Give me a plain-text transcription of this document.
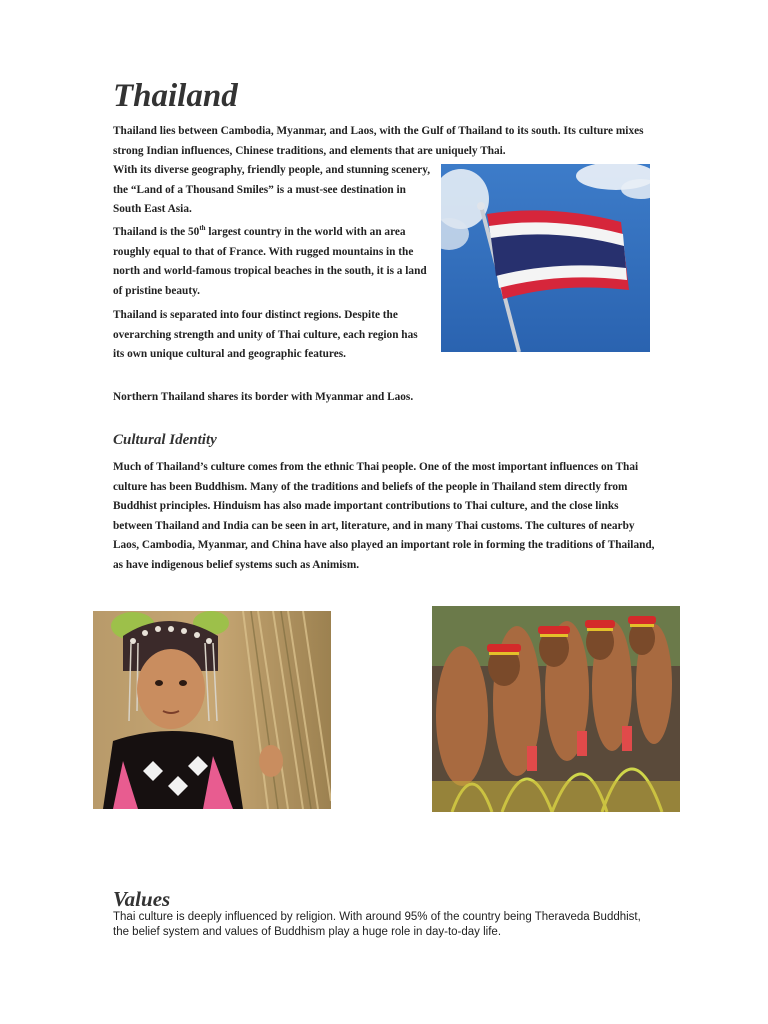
Thailand

Thailand lies between Cambodia, Myanmar, and Laos, with the Gulf of Thailand to its south. Its culture mixes strong Indian influences, Chinese traditions, and elements that are uniquely Thai.

With its diverse geography, friendly people, and stunning scenery, the “Land of a Thousand Smiles” is a must-see destination in South East Asia.

Thailand is the 50th largest country in the world with an area roughly equal to that of France. With rugged mountains in the north and world-famous tropical beaches in the south, it is a land of pristine beauty.

Thailand is separated into four distinct regions. Despite the overarching strength and unity of Thai culture, each region has its own unique cultural and geographic features.

Northern Thailand shares its border with Myanmar and Laos.

Cultural Identity

Much of Thailand’s culture comes from the ethnic Thai people. One of the most important influences on Thai culture has been Buddhism. Many of the traditions and beliefs of the people in Thailand stem directly from Buddhist principles. Hinduism has also made important contributions to Thai culture, and the close links between Thailand and India can be seen in art, literature, and in many Thai customs. The cultures of nearby Laos, Cambodia, Myanmar, and China have also played an important role in forming the traditions of Thailand, as have indigenous belief systems such as Animism.

Values

Thai culture is deeply influenced by religion. With around 95% of the country being Theraveda Buddhist, the belief system and values of Buddhism play a huge role in day-to-day life.
